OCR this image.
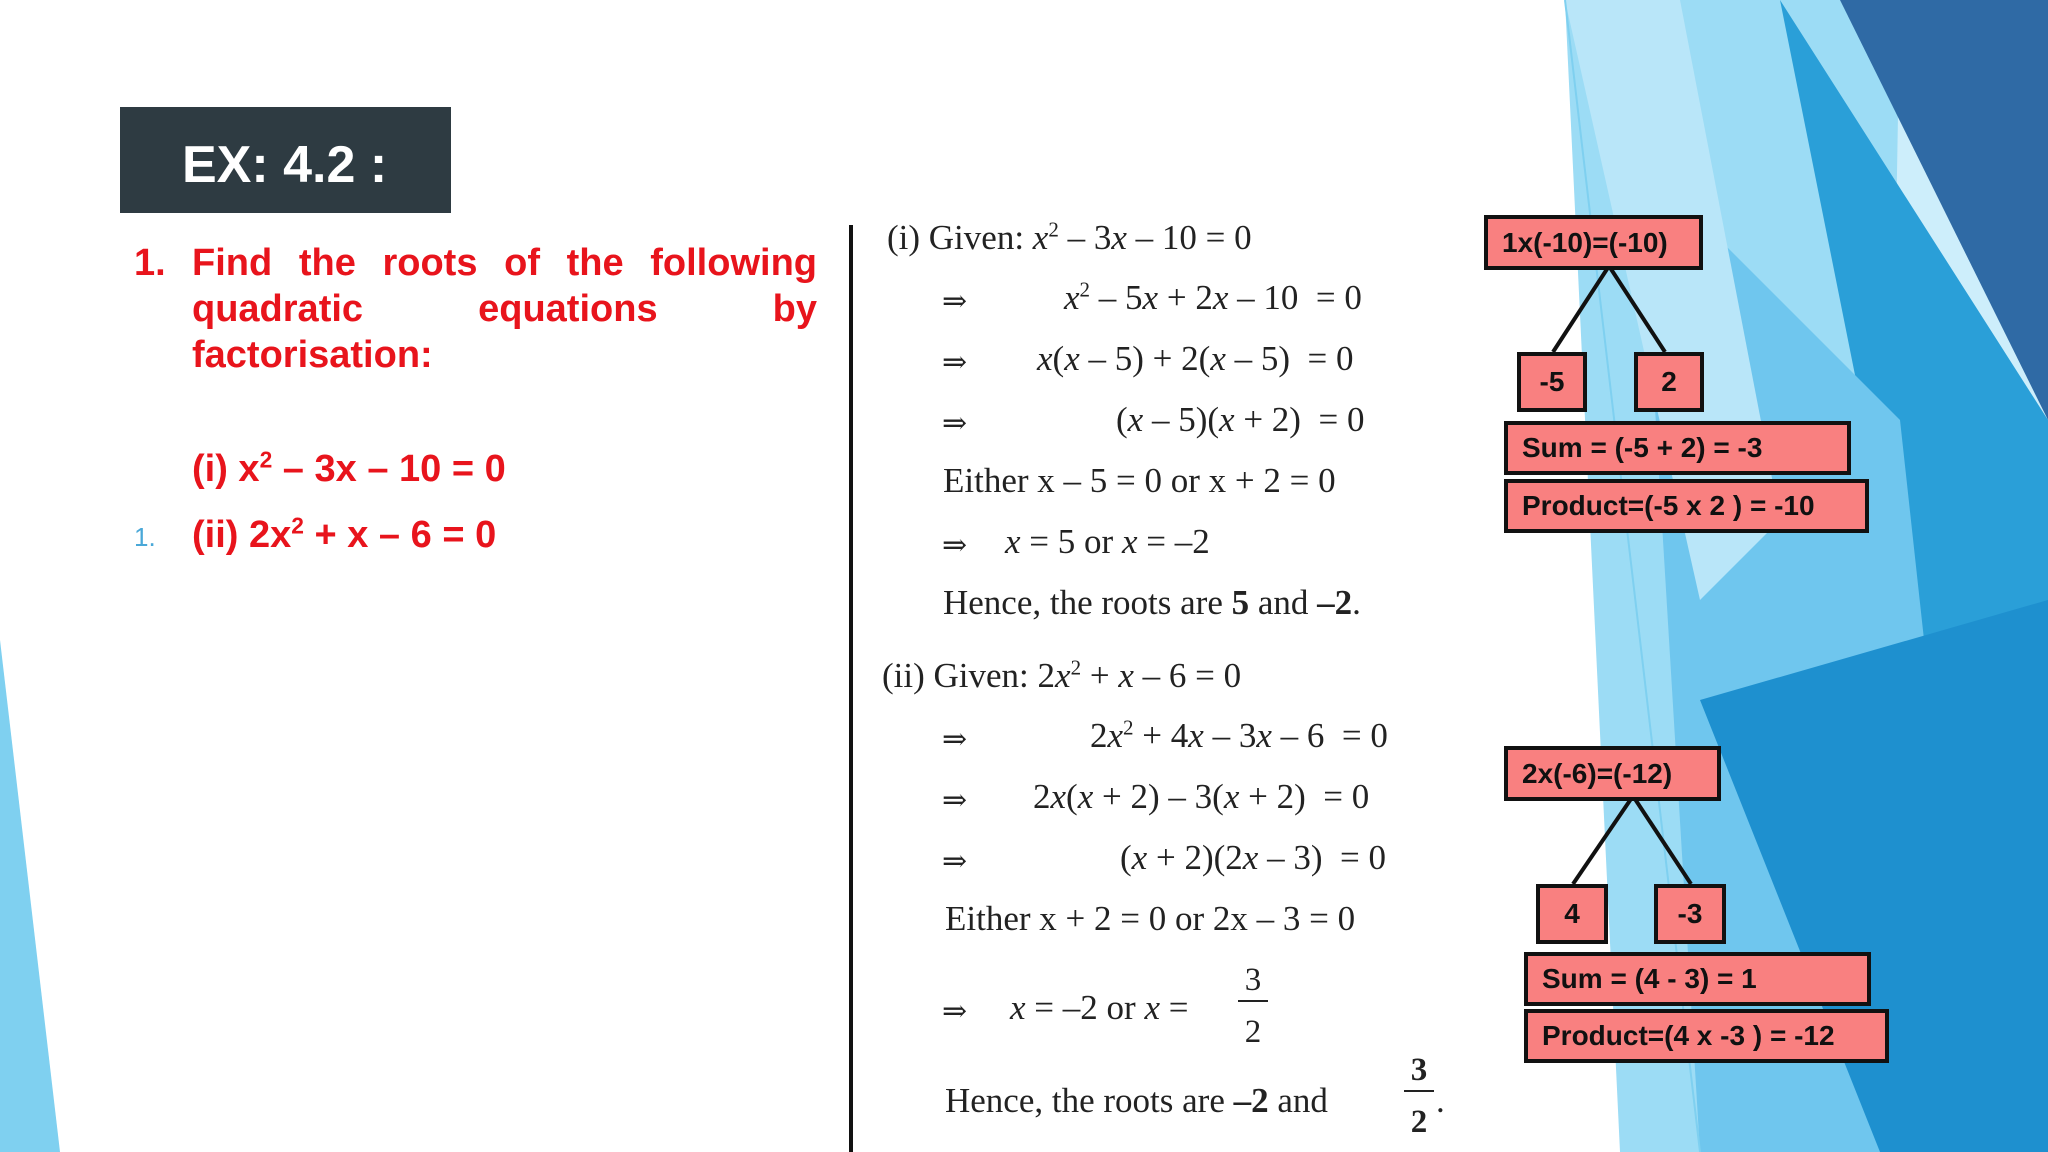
EX: 4.2 :
1. Find the roots of the following
quadratic equations by
factorisation:
(i) $x^2 - 3x - 10 = 0$
1. (ii) $2x^2 + x - 6 = 0$
(i) Given: $x^2 - 3x - 10 = 0$
⇒	$x^2 - 5x + 2x - 10 = 0$
⇒ x(x – 5) + 2(x – 5)  = 0
⇒	(x – 5)(x + 2)  = 0
Either x – 5 = 0 or x + 2 = 0
⇒ x = 5 or x = –2
Hence, the roots are 5 and –2.
(ii) Given: $2x^2 + x - 6 = 0$
⇒	$2x^2 + 4x - 3x - 6 = 0$
⇒ 2x(x + 2) – 3(x + 2)  = 0
⇒	(x + 2)(2x – 3)  = 0
Either x + 2 = 0 or 2x – 3 = 0
⇒ x = –2 or x =
3
2
Hence, the roots are –2 and
3
2
.
1x(-10)=(-10)
-5	2
Sum = (-5 + 2) = -3
Product=(-5 x 2 ) = -10
2x(-6)=(-12)
4	-3
Sum = (4 - 3) = 1
Product=(4 x -3 ) = -12
